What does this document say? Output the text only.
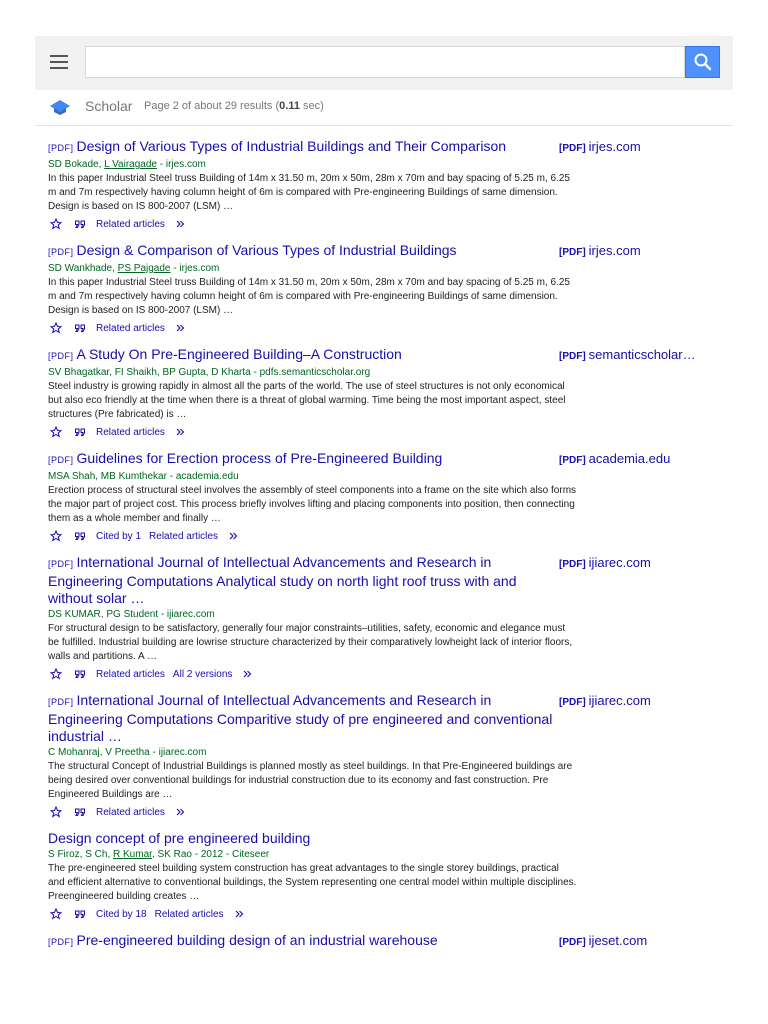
Scholar Page 2 of about 29 results (0.11 sec)
[PDF] Design of Various Types of Industrial Buildings and Their Comparison	[PDF] irjes.com
SD Bokade, L Vairagade - irjes.com
In this paper Industrial Steel truss Building of 14m x 31.50 m, 20m x 50m, 28m x 70m and bay spacing of 5.25 m, 6.25 m and 7m respectively having column height of 6m is compared with Pre-engineering Buildings of same dimension. Design is based on IS 800-2007 (LSM) …
Related articles
[PDF] Design & Comparison of Various Types of Industrial Buildings	[PDF] irjes.com
SD Wankhade, PS Pajgade - irjes.com
In this paper Industrial Steel truss Building of 14m x 31.50 m, 20m x 50m, 28m x 70m and bay spacing of 5.25 m, 6.25 m and 7m respectively having column height of 6m is compared with Pre-engineering Buildings of same dimension. Design is based on IS 800-2007 (LSM) …
Related articles
[PDF] A Study On Pre-Engineered Building–A Construction	[PDF] semanticscholar…
SV Bhagatkar, FI Shaikh, BP Gupta, D Kharta - pdfs.semanticscholar.org
Steel industry is growing rapidly in almost all the parts of the world. The use of steel structures is not only economical but also eco friendly at the time when there is a threat of global warming. Time being the most important aspect, steel structures (Pre fabricated) is …
Related articles
[PDF] Guidelines for Erection process of Pre-Engineered Building	[PDF] academia.edu
MSA Shah, MB Kumthekar - academia.edu
Erection process of structural steel involves the assembly of steel components into a frame on the site which also forms the major part of project cost. This process briefly involves lifting and placing components into position, then connecting them as a whole member and finally …
Cited by 1 Related articles
[PDF] International Journal of Intellectual Advancements and Research in Engineering Computations Analytical study on north light roof truss with and without solar …
[PDF] ijiarec.com
DS KUMAR, PG Student - ijiarec.com
For structural design to be satisfactory, generally four major constraints–utilities, safety, economic and elegance must be fulfilled. Industrial building are lowrise structure characterized by their comparatively lowheight lack of interior floors, walls and partitions. A …
Related articles All 2 versions
[PDF] International Journal of Intellectual Advancements and Research in Engineering Computations Comparitive study of pre engineered and conventional industrial …
[PDF] ijiarec.com
C Mohanraj, V Preetha - ijiarec.com
The structural Concept of Industrial Buildings is planned mostly as steel buildings. In that Pre-Engineered buildings are being desired over conventional buildings for industrial construction due to its economy and fast construction. Pre Engineered Buildings are …
Related articles
Design concept of pre engineered building
S Firoz, S Ch, R Kumar, SK Rao - 2012 - Citeseer
The pre-engineered steel building system construction has great advantages to the single storey buildings, practical and efficient alternative to conventional buildings, the System representing one central model within multiple disciplines. Preengineered building creates …
Cited by 18 Related articles
[PDF] Pre-engineered building design of an industrial warehouse	[PDF] ijeset.com
